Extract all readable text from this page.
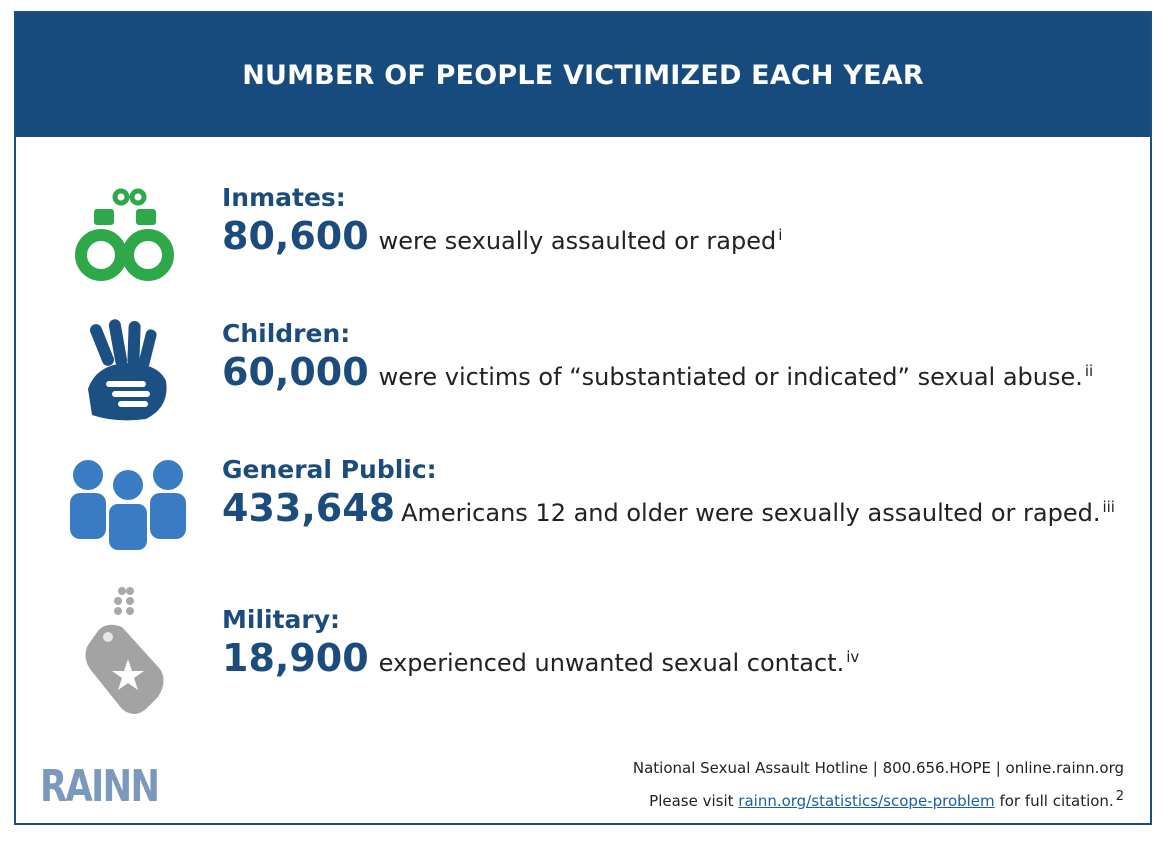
NUMBER OF PEOPLE VICTIMIZED EACH YEAR
Inmates:
80,600 were sexually assaulted or raped $^i$
Children:
60,000 were victims of “substantiated or indicated” sexual abuse. $^{ii}$
General Public:
433,648 Americans 12 and older were sexually assaulted or raped. $^{iii}$
Military:
18,900 experienced unwanted sexual contact. $^{iv}$
RAINN	National Sexual Assault Hotline | 800.656.HOPE | online.rainn.org
Please visit rainn.org/statistics/scope-problem for full citation. 2
